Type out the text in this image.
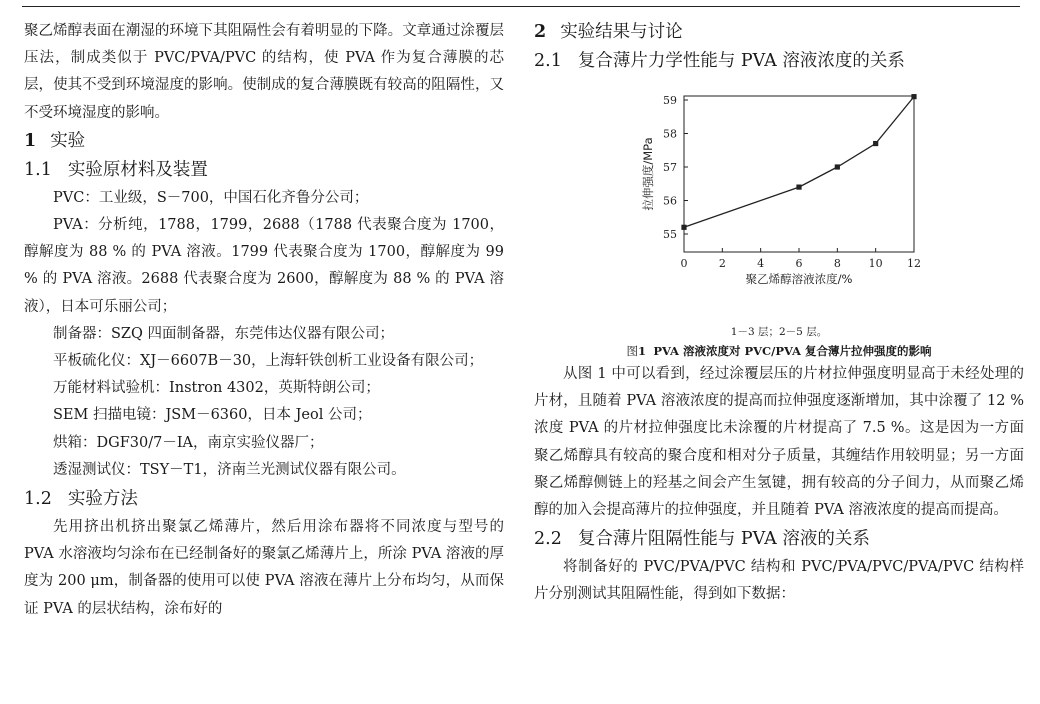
聚乙烯醇表面在潮湿的环境下其阻隔性会有着明显的下降。文章通过涂覆层压法，制成类似于 PVC/PVA/PVC 的结构，使 PVA 作为复合薄膜的芯层，使其不受到环境湿度的影响。使制成的复合薄膜既有较高的阻隔性，又不受环境湿度的影响。

1 实验
1.1 实验原材料及装置

PVC：工业级，S－700，中国石化齐鲁分公司；

PVA：分析纯，1788，1799，2688（1788 代表聚合度为 1700，醇解度为 88 % 的 PVA 溶液。1799 代表聚合度为 1700，醇解度为 99 % 的 PVA 溶液。2688 代表聚合度为 2600，醇解度为 88 % 的 PVA 溶液），日本可乐丽公司；

制备器：SZQ 四面制备器，东莞伟达仪器有限公司；

平板硫化仪：XJ－6607B－30，上海轩铁创析工业设备有限公司；

万能材料试验机：Instron 4302，英斯特朗公司；

SEM 扫描电镜：JSM－6360，日本 Jeol 公司；

烘箱：DGF30/7－IA，南京实验仪器厂；

透湿测试仪：TSY－T1，济南兰光测试仪器有限公司。

1.2 实验方法

先用挤出机挤出聚氯乙烯薄片，然后用涂布器将不同浓度与型号的 PVA 水溶液均匀涂布在已经制备好的聚氯乙烯薄片上，所涂 PVA 溶液的厚度为 200 μm，制备器的使用可以使 PVA 溶液在薄片上分布均匀，从而保证 PVA 的层状结构，涂布好的

2 实验结果与讨论
2.1 复合薄片力学性能与 PVA 溶液浓度的关系
0	2	4	6	8	10 12
55
56
57
58
59
聚乙烯醇溶液浓度/%
拉伸强度/MPa

1－3 层；2－5 层。

图1 PVA 溶液浓度对 PVC/PVA 复合薄片拉伸强度的影响

从图 1 中可以看到，经过涂覆层压的片材拉伸强度明显高于未经处理的片材，且随着 PVA 溶液浓度的提高而拉伸强度逐渐增加，其中涂覆了 12 % 浓度 PVA 的片材拉伸强度比未涂覆的片材提高了 7.5 %。这是因为一方面聚乙烯醇具有较高的聚合度和相对分子质量，其缠结作用较明显；另一方面聚乙烯醇侧链上的羟基之间会产生氢键，拥有较高的分子间力，从而聚乙烯醇的加入会提高薄片的拉伸强度，并且随着 PVA 溶液浓度的提高而提高。

2.2 复合薄片阻隔性能与 PVA 溶液的关系

将制备好的 PVC/PVA/PVC 结构和 PVC/PVA/PVC/PVA/PVC 结构样片分别测试其阻隔性能，得到如下数据：
